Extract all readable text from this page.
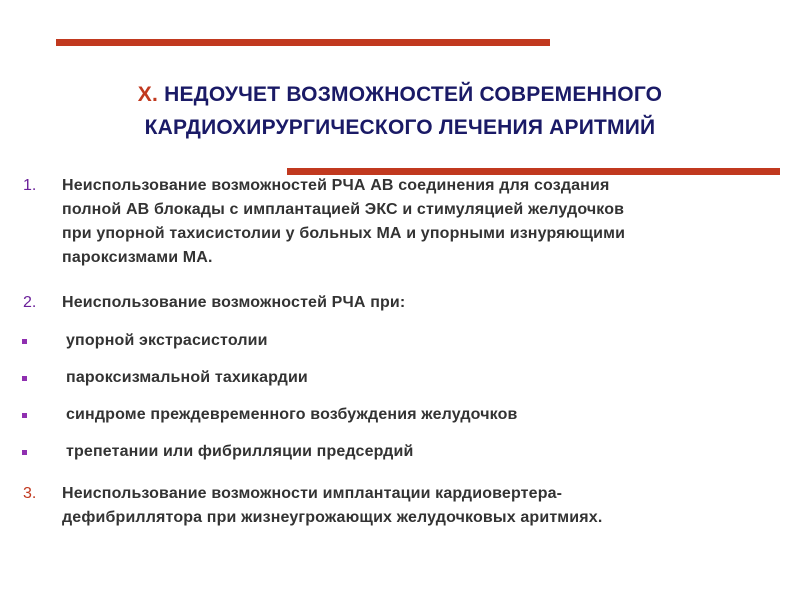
X. НЕДОУЧЕТ ВОЗМОЖНОСТЕЙ СОВРЕМЕННОГО
КАРДИОХИРУРГИЧЕСКОГО ЛЕЧЕНИЯ АРИТМИЙ
1. Неиспользование возможностей РЧА АВ соединения для создания
полной АВ блокады с имплантацией ЭКС и стимуляцией желудочков
при упорной тахисистолии у больных МА и упорными изнуряющими
пароксизмами МА.
2. Неиспользование возможностей РЧА при:
упорной экстрасистолии
пароксизмальной тахикардии
синдроме преждевременного возбуждения желудочков
трепетании или фибрилляции предсердий
3. Неиспользование возможности имплантации кардиовертера-
дефибриллятора при жизнеугрожающих желудочковых аритмиях.
